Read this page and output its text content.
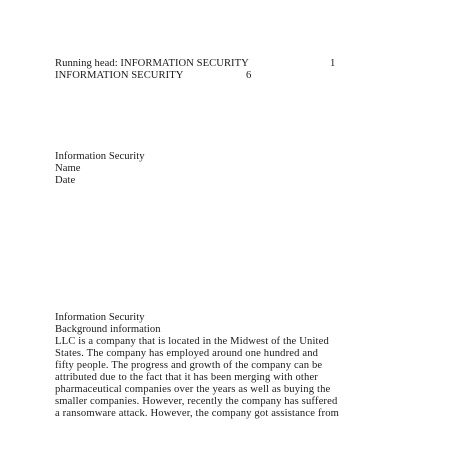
Running head: INFORMATION SECURITY	1
INFORMATION SECURITY	6
Information Security
Name
Date
Information Security
Background information
LLC is a company that is located in the Midwest of the United
States. The company has employed around one hundred and
fifty people. The progress and growth of the company can be
attributed due to the fact that it has been merging with other
pharmaceutical companies over the years as well as buying the
smaller companies. However, recently the company has suffered
a ransomware attack. However, the company got assistance from
